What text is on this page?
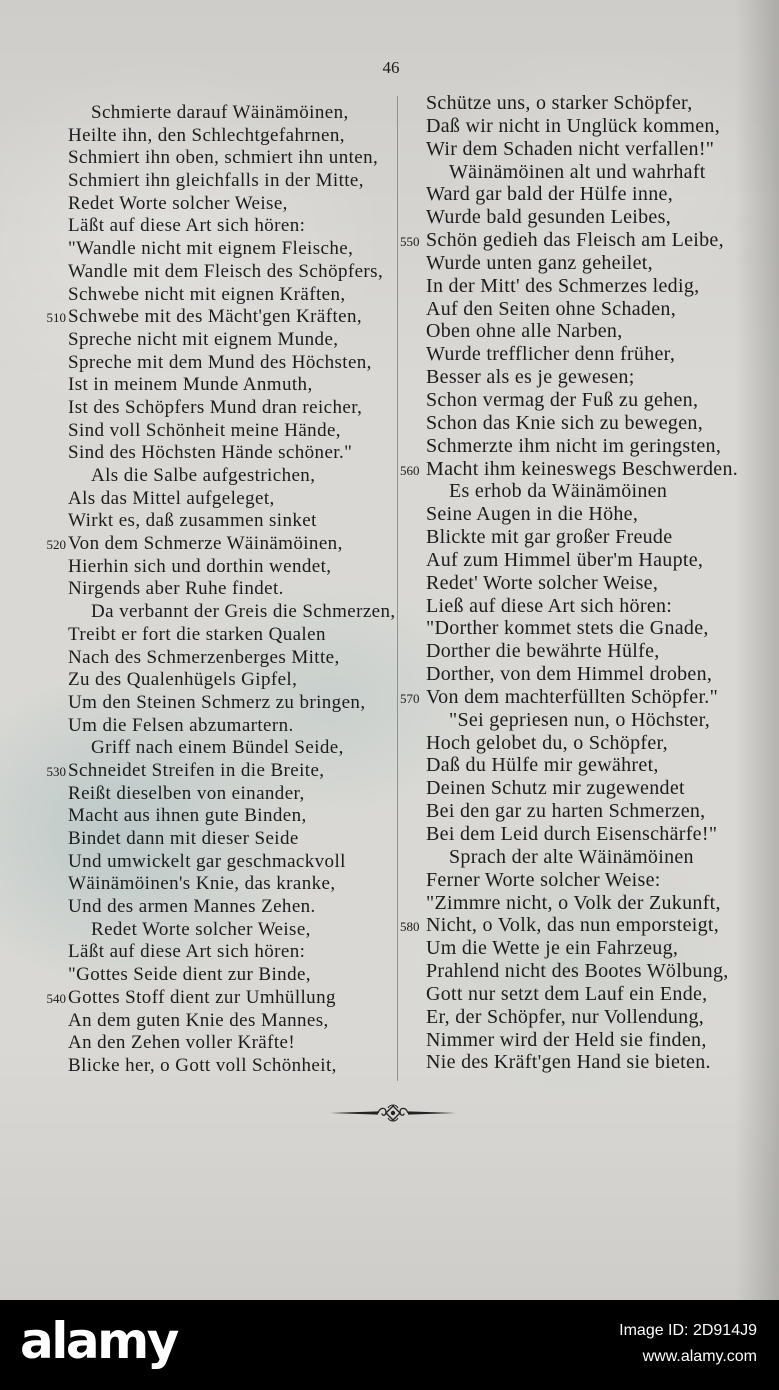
46
Schmierte darauf Wäinämöinen,
Heilte ihn, den Schlechtgefahrnen,
Schmiert ihn oben, schmiert ihn unten,
Schmiert ihn gleichfalls in der Mitte,
Redet Worte solcher Weise,
Läßt auf diese Art sich hören:
"Wandle nicht mit eignem Fleische,
Wandle mit dem Fleisch des Schöpfers,
Schwebe nicht mit eignen Kräften,
510 Schwebe mit des Mächt'gen Kräften,
Spreche nicht mit eignem Munde,
Spreche mit dem Mund des Höchsten,
Ist in meinem Munde Anmuth,
Ist des Schöpfers Mund dran reicher,
Sind voll Schönheit meine Hände,
Sind des Höchsten Hände schöner."
Als die Salbe aufgestrichen,
Als das Mittel aufgeleget,
Wirkt es, daß zusammen sinket
520 Von dem Schmerze Wäinämöinen,
Hierhin sich und dorthin wendet,
Nirgends aber Ruhe findet.
Da verbannt der Greis die Schmerzen,
Treibt er fort die starken Qualen
Nach des Schmerzenberges Mitte,
Zu des Qualenhügels Gipfel,
Um den Steinen Schmerz zu bringen,
Um die Felsen abzumartern.
Griff nach einem Bündel Seide,
530 Schneidet Streifen in die Breite,
Reißt dieselben von einander,
Macht aus ihnen gute Binden,
Bindet dann mit dieser Seide
Und umwickelt gar geschmackvoll
Wäinämöinen's Knie, das kranke,
Und des armen Mannes Zehen.
Redet Worte solcher Weise,
Läßt auf diese Art sich hören:
"Gottes Seide dient zur Binde,
540 Gottes Stoff dient zur Umhüllung
An dem guten Knie des Mannes,
An den Zehen voller Kräfte!
Blicke her, o Gott voll Schönheit,
Schütze uns, o starker Schöpfer,
Daß wir nicht in Unglück kommen,
Wir dem Schaden nicht verfallen!"
Wäinämöinen alt und wahrhaft
Ward gar bald der Hülfe inne,
Wurde bald gesunden Leibes,
550 Schön gedieh das Fleisch am Leibe,
Wurde unten ganz geheilet,
In der Mitt' des Schmerzes ledig,
Auf den Seiten ohne Schaden,
Oben ohne alle Narben,
Wurde trefflicher denn früher,
Besser als es je gewesen;
Schon vermag der Fuß zu gehen,
Schon das Knie sich zu bewegen,
Schmerzte ihm nicht im geringsten,
560 Macht ihm keineswegs Beschwerden.
Es erhob da Wäinämöinen
Seine Augen in die Höhe,
Blickte mit gar großer Freude
Auf zum Himmel über'm Haupte,
Redet' Worte solcher Weise,
Ließ auf diese Art sich hören:
"Dorther kommet stets die Gnade,
Dorther die bewährte Hülfe,
Dorther, von dem Himmel droben,
570 Von dem machterfüllten Schöpfer."
"Sei gepriesen nun, o Höchster,
Hoch gelobet du, o Schöpfer,
Daß du Hülfe mir gewähret,
Deinen Schutz mir zugewendet
Bei den gar zu harten Schmerzen,
Bei dem Leid durch Eisenschärfe!"
Sprach der alte Wäinämöinen
Ferner Worte solcher Weise:
"Zimmre nicht, o Volk der Zukunft,
580 Nicht, o Volk, das nun emporsteigt,
Um die Wette je ein Fahrzeug,
Prahlend nicht des Bootes Wölbung,
Gott nur setzt dem Lauf ein Ende,
Er, der Schöpfer, nur Vollendung,
Nimmer wird der Held sie finden,
Nie des Kräft'gen Hand sie bieten.
alamy	Image ID: 2D914J9
www.alamy.com
